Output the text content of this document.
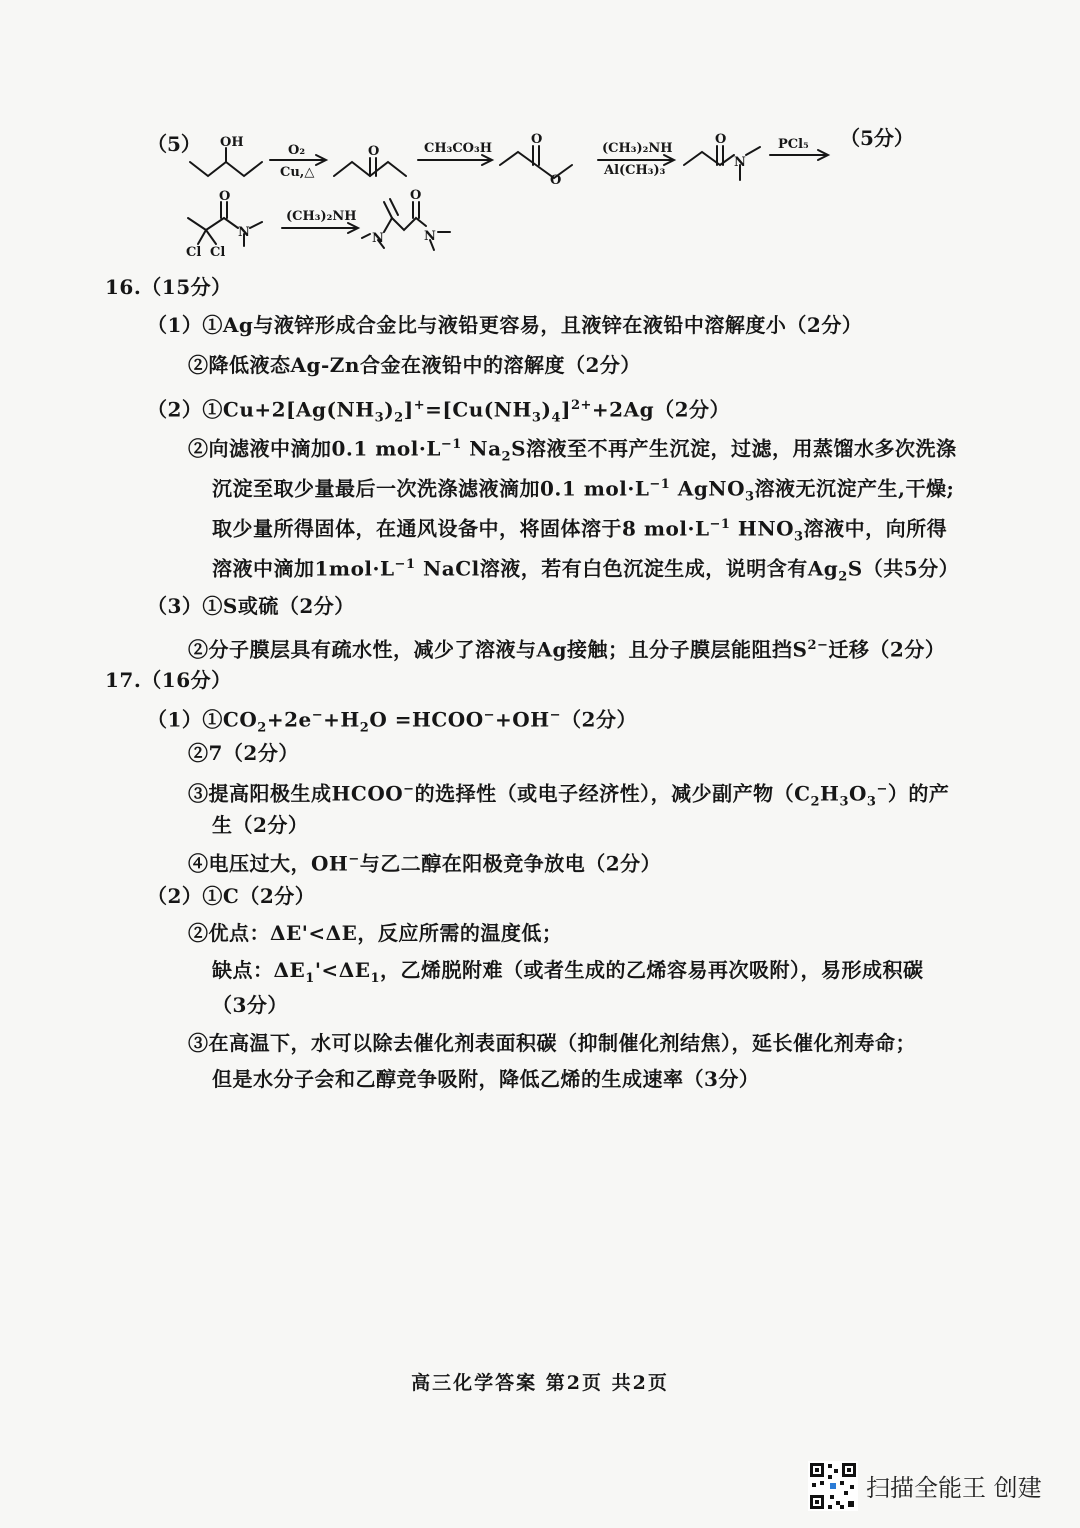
（5）	（5分）
OH
O₂
Cu,△
O	CH₃CO₃H
O
O
(CH₃)₂NH
Al(CH₃)₃
O
N
PCl₅
O
N
Cl Cl
(CH₃)₂NH
O
N	N
16.（15分）
（1）①Ag与液锌形成合金比与液铅更容易，且液锌在液铅中溶解度小（2分）
②降低液态Ag-Zn合金在液铅中的溶解度（2分）
$(2)①Cu+2[Ag(NH_3)_2]^+=[Cu(NH_3)_4]^{2+}+2Ag(2$分）
②向滤液中滴加0.1 $mol\cdot L^{-1}$ $Na_2S$溶液至不再产生沉淀，过滤，用蒸馏水多次洗涤
沉淀至取少量最后一次洗涤滤液滴加0.1 $mol\cdot L^{-1}$ AgNO$_3$溶液无沉淀产生,干燥;
取少量所得固体，在通风设备中，将固体溶于8 $mol\cdot L^{-1}$ $HNO_3$溶液中，向所得
溶液中滴加$1mol\cdot L^{-1}$ NaCl溶液，若有白色沉淀生成，说明含有$Ag_2S$（共5分）
（3）①S或硫（2分）
②分子膜层具有疏水性，减少了溶液与Ag接触；且分子膜层能阻挡$S^{2-}$迁移（2分）
17.（16分）
$(1)①CO_2+2e^-+H_2O$ =HCOO−+OH−（2分）
②7（2分）
③提高阳极生成HCOO−的选择性（或电子经济性），减少副产物$(C_2H_3O_3^-)$的产
生（2分）
④电压过大，OH−与乙二醇在阳极竞争放电（2分）
（2）①C（2分）
②优点：ΔE'<ΔE，反应所需的温度低；
缺点：$\Delta E_1'<\Delta E_1$，乙烯脱附难（或者生成的乙烯容易再次吸附），易形成积碳
（3分）
③在高温下，水可以除去催化剂表面积碳（抑制催化剂结焦），延长催化剂寿命；
但是水分子会和乙醇竞争吸附，降低乙烯的生成速率（3分）
高三化学答案 第2页 共2页
扫描全能王 创建
